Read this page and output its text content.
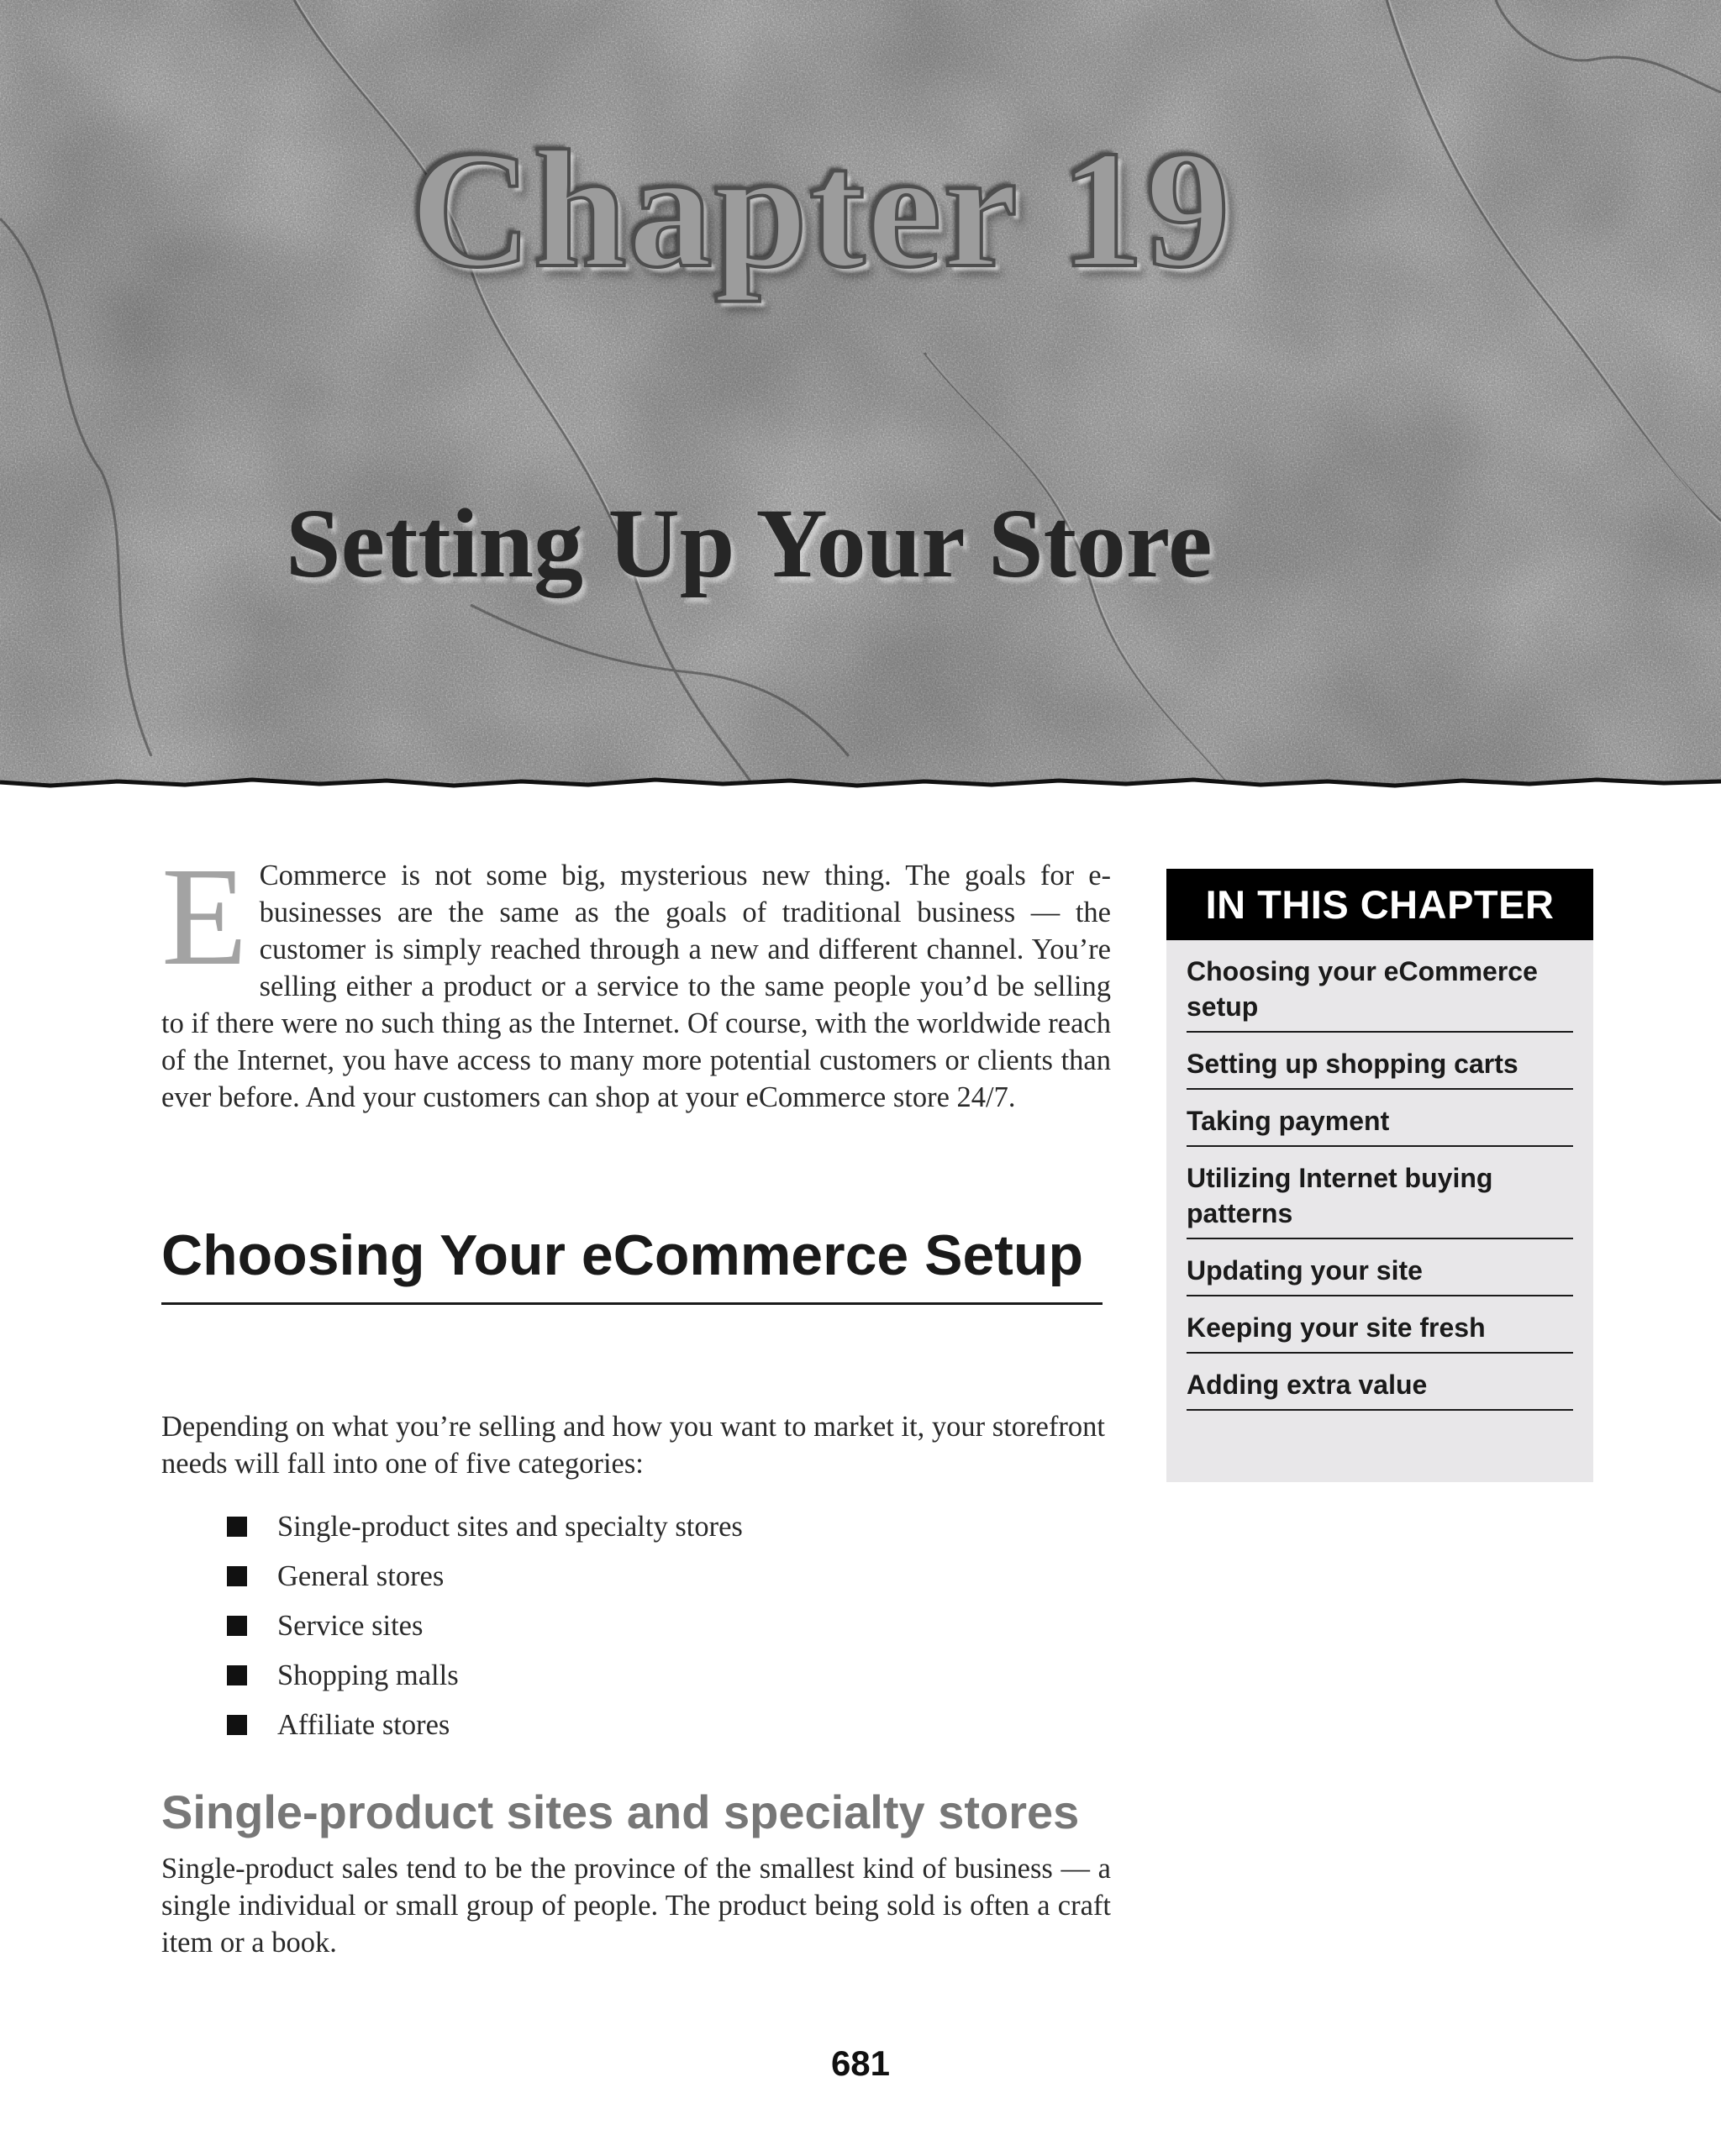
Chapter 19
Setting Up Your Store

E Commerce is not some big, mysterious new thing. The goals for e-businesses are the same as the goals of traditional business — the customer is simply reached through a new and different channel. You’re selling either a product or a service to the same people you’d be selling to if there were no such thing as the Internet. Of course, with the worldwide reach of the Internet, you have access to many more potential customers or clients than ever before. And your customers can shop at your eCommerce store 24/7.

IN THIS CHAPTER
Choosing your eCommerce setup
Setting up shopping carts
Taking payment
Utilizing Internet buying patterns
Updating your site
Keeping your site fresh
Adding extra value
Choosing Your eCommerce Setup

Depending on what you’re selling and how you want to market it, your storefront needs will fall into one of five categories:

Single-product sites and specialty stores
General stores
Service sites
Shopping malls
Affiliate stores
Single-product sites and specialty stores

Single-product sales tend to be the province of the smallest kind of business — a single individual or small group of people. The product being sold is often a craft item or a book.

681
